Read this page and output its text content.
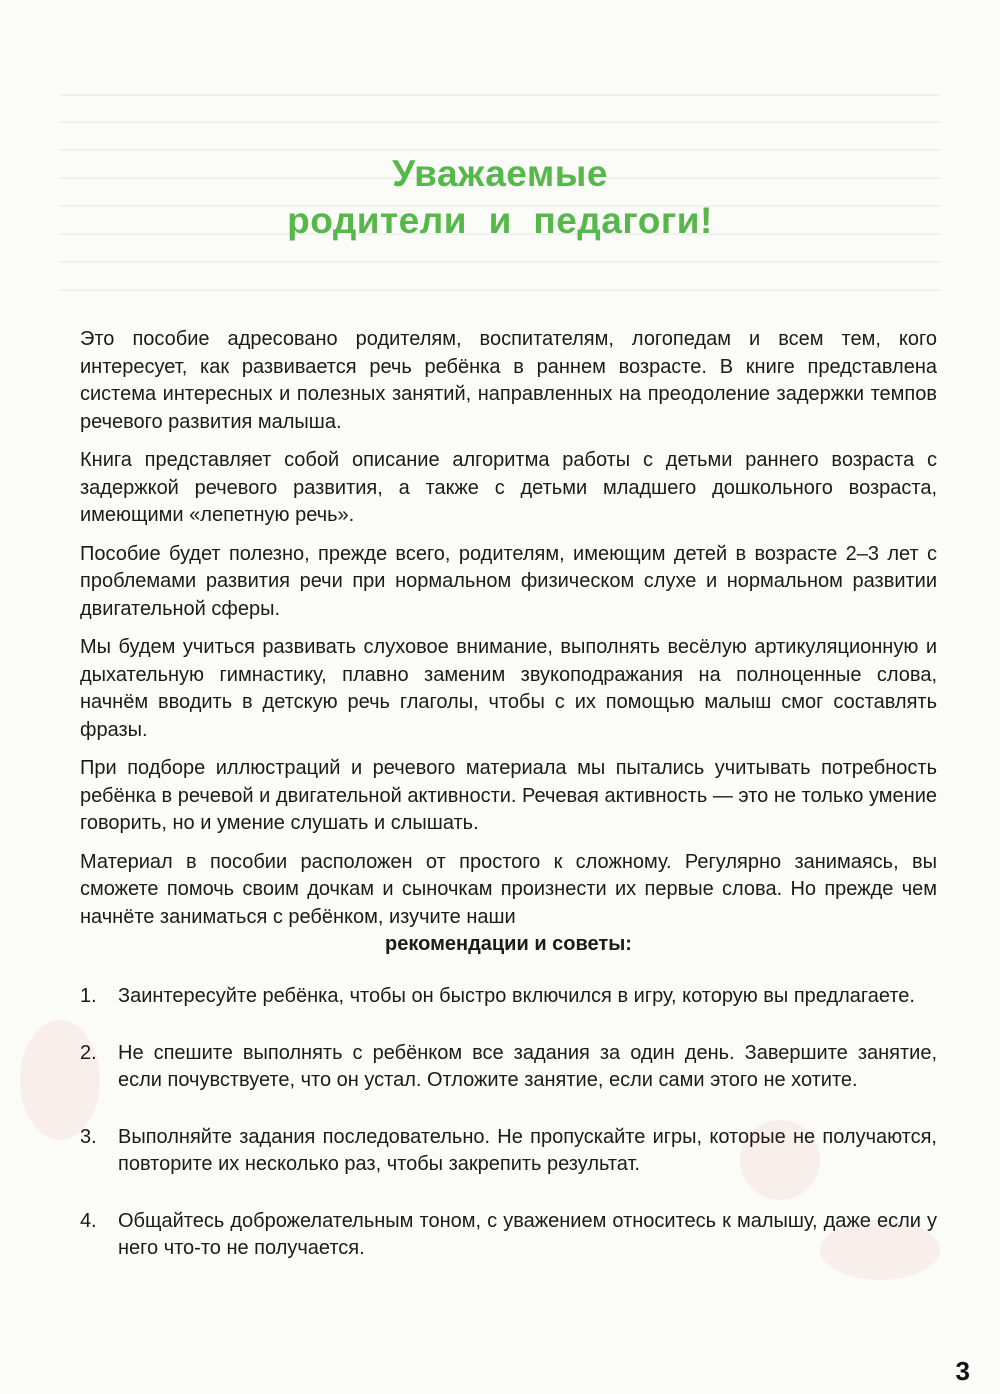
Уважаемые
родители  и  педагоги!

Это пособие адресовано родителям, воспитателям, логопедам и всем тем, кого интересует, как развивается речь ребёнка в раннем возрасте. В книге представлена система интересных и полезных занятий, направленных на преодоление задержки темпов речевого развития малыша.

Книга представляет собой описание алгоритма работы с детьми раннего возраста с задержкой речевого развития, а также с детьми младшего дошкольного возраста, имеющими «лепетную речь».

Пособие будет полезно, прежде всего, родителям, имеющим детей в возрасте 2–3 лет с проблемами развития речи при нормальном физическом слухе и нормальном развитии двигательной сферы.

Мы будем учиться развивать слуховое внимание, выполнять весёлую артикуляционную и дыхательную гимнастику, плавно заменим звукоподражания на полноценные слова, начнём вводить в детскую речь глаголы, чтобы с их помощью малыш смог составлять фразы.

При подборе иллюстраций и речевого материала мы пытались учитывать потребность ребёнка в речевой и двигательной активности. Речевая активность — это не только умение говорить, но и умение слушать и слышать.

Материал в пособии расположен от простого к сложному. Регулярно занимаясь, вы сможете помочь своим дочкам и сыночкам произнести их первые слова. Но прежде чем начнёте заниматься с ребёнком, изучите наши

рекомендации и советы:

1.	Заинтересуйте ребёнка, чтобы он быстро включился в игру, которую вы предлагаете.
2.	Не спешите выполнять с ребёнком все задания за один день. Завершите занятие, если почувствуете, что он устал. Отложите занятие, если сами этого не хотите.
3.	Выполняйте задания последовательно. Не пропускайте игры, которые не получаются, повторите их несколько раз, чтобы закрепить результат.
4.	Общайтесь доброжелательным тоном, с уважением относитесь к малышу, даже если у него что-то не получается.
3
